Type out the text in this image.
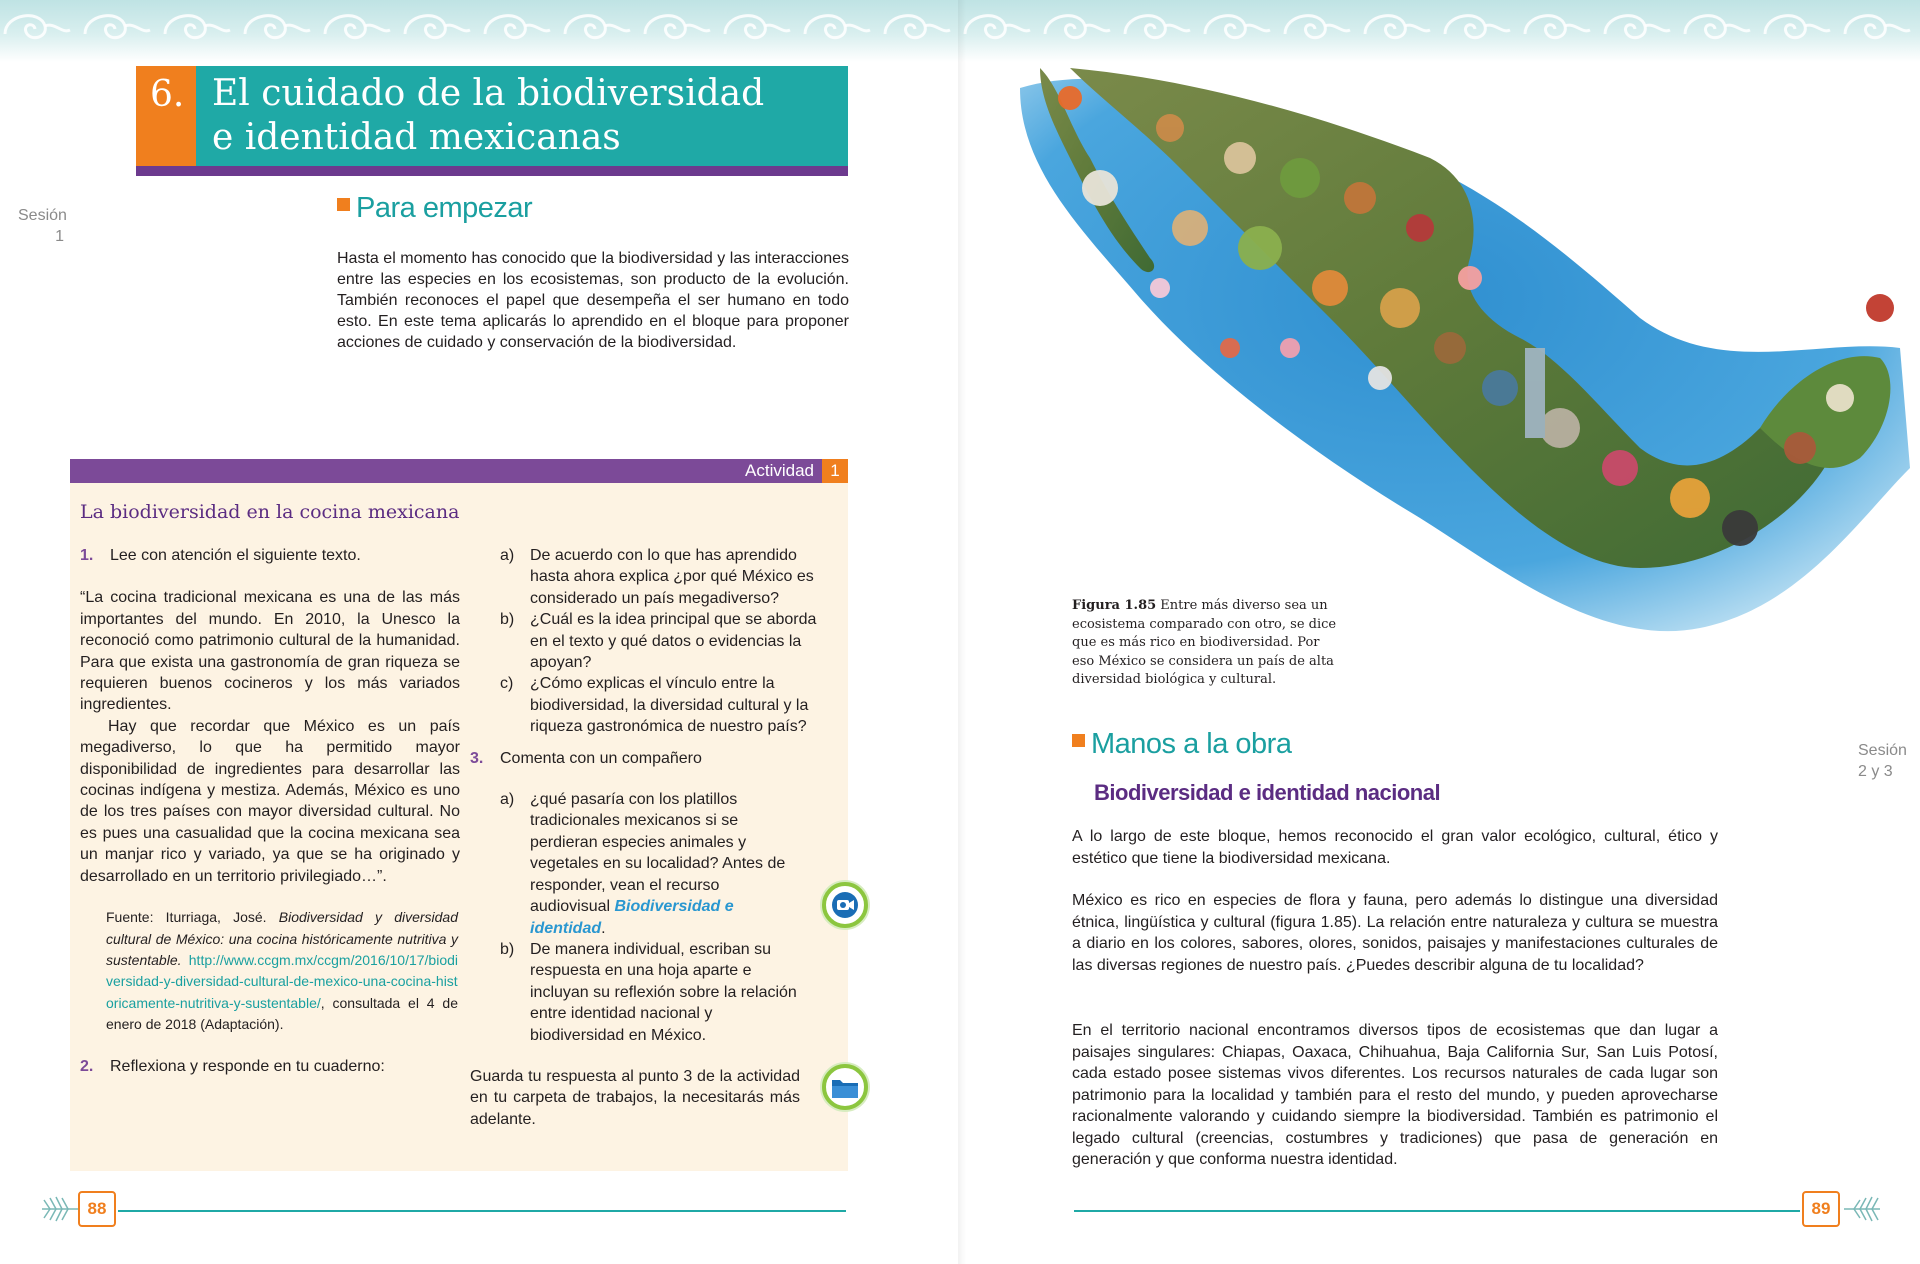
6. El cuidado de la biodiversidad
e identidad mexicanas
Sesión
1
Para empezar
Hasta el momento has conocido que la biodiversidad y las interacciones entre las especies en los ecosistemas, son producto de la evolución. También reconoces el papel que desempeña el ser humano en todo esto. En este tema aplicarás lo aprendido en el bloque para proponer acciones de cuidado y conservación de la biodiversidad.
Actividad 1
La biodiversidad en la cocina mexicana
1. Lee con atención el siguiente texto.
“La cocina tradicional mexicana es una de las más importantes del mundo. En 2010, la Unesco la reconoció como patrimonio cultural de la humanidad. Para que exista una gastronomía de gran riqueza se requieren buenos cocineros y los más variados ingredientes.
Hay que recordar que México es un país megadiverso, lo que ha permitido mayor disponibilidad de ingredientes para desarrollar las cocinas indígena y mestiza. Además, México es uno de los tres países con mayor diversidad cultural. No es pues una casualidad que la cocina mexicana sea un manjar rico y variado, ya que se ha originado y desarrollado en un territorio privilegiado…”.
Fuente: Iturriaga, José. Biodiversidad y diversidad cultural de México: una cocina históricamente nutritiva y sustentable. http://www.ccgm.mx/ccgm/2016/10/17/biodiversidad-y-diversidad-cultural-de-mexico-una-cocina-historicamente-nutritiva-y-sustentable/, consultada el 4 de enero de 2018 (Adaptación).
2. Reflexiona y responde en tu cuaderno:
a) De acuerdo con lo que has aprendido hasta ahora explica ¿por qué México es considerado un país megadiverso?
b) ¿Cuál es la idea principal que se aborda en el texto y qué datos o evidencias la apoyan?
c)	¿Cómo explicas el vínculo entre la biodiversidad, la diversidad cultural y la riqueza gastronómica de nuestro país?
3. Comenta con un compañero
a) ¿qué pasaría con los platillos tradicionales mexicanos si se perdieran especies animales y vegetales en su localidad? Antes de responder, vean el recurso audiovisual Biodiversidad e identidad.
b) De manera individual, escriban su respuesta en una hoja aparte e incluyan su reflexión sobre la relación entre identidad nacional y biodiversidad en México.
Guarda tu respuesta al punto 3 de la actividad en tu carpeta de trabajos, la necesitarás más adelante.
88
Figura 1.85 Entre más diverso sea un ecosistema comparado con otro, se dice que es más rico en biodiversidad. Por eso México se considera un país de alta diversidad biológica y cultural.
Manos a la obra	Sesión
2 y 3
Biodiversidad e identidad nacional
A lo largo de este bloque, hemos reconocido el gran valor ecológico, cultural, ético y estético que tiene la biodiversidad mexicana.
México es rico en especies de flora y fauna, pero además lo distingue una diversidad étnica, lingüística y cultural (figura 1.85). La relación entre naturaleza y cultura se muestra a diario en los colores, sabores, olores, sonidos, paisajes y manifestaciones culturales de las diversas regiones de nuestro país. ¿Puedes describir alguna de tu localidad?
En el territorio nacional encontramos diversos tipos de ecosistemas que dan lugar a paisajes singulares: Chiapas, Oaxaca, Chihuahua, Baja California Sur, San Luis Potosí, cada estado posee sistemas vivos diferentes. Los recursos naturales de cada lugar son patrimonio para la localidad y también para el resto del mundo, y pueden aprovecharse racionalmente valorando y cuidando siempre la biodiversidad. También es patrimonio el legado cultural (creencias, costumbres y tradiciones) que pasa de generación en generación y que conforma nuestra identidad.
89
